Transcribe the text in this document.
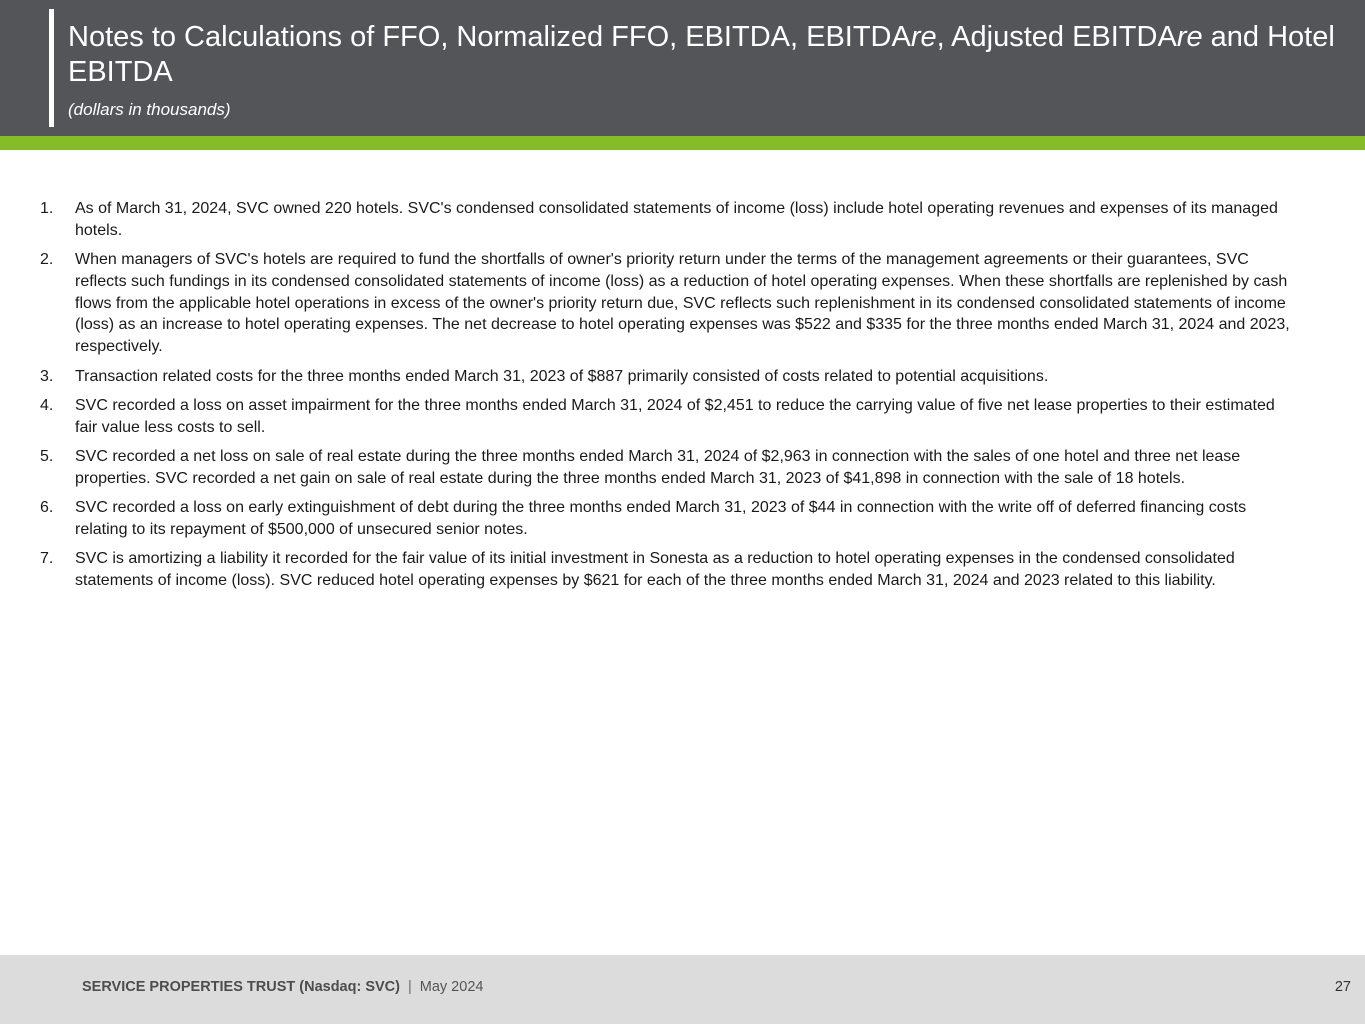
Notes to Calculations of FFO, Normalized FFO, EBITDA, EBITDAre, Adjusted EBITDAre and Hotel EBITDA
(dollars in thousands)
1. As of March 31, 2024, SVC owned 220 hotels. SVC's condensed consolidated statements of income (loss) include hotel operating revenues and expenses of its managed hotels.
2. When managers of SVC's hotels are required to fund the shortfalls of owner's priority return under the terms of the management agreements or their guarantees, SVC reflects such fundings in its condensed consolidated statements of income (loss) as a reduction of hotel operating expenses. When these shortfalls are replenished by cash flows from the applicable hotel operations in excess of the owner's priority return due, SVC reflects such replenishment in its condensed consolidated statements of income (loss) as an increase to hotel operating expenses. The net decrease to hotel operating expenses was $522 and $335 for the three months ended March 31, 2024 and 2023, respectively.
3. Transaction related costs for the three months ended March 31, 2023 of $887 primarily consisted of costs related to potential acquisitions.
4. SVC recorded a loss on asset impairment for the three months ended March 31, 2024 of $2,451 to reduce the carrying value of five net lease properties to their estimated fair value less costs to sell.
5. SVC recorded a net loss on sale of real estate during the three months ended March 31, 2024 of $2,963 in connection with the sales of one hotel and three net lease properties. SVC recorded a net gain on sale of real estate during the three months ended March 31, 2023 of $41,898 in connection with the sale of 18 hotels.
6. SVC recorded a loss on early extinguishment of debt during the three months ended March 31, 2023 of $44 in connection with the write off of deferred financing costs relating to its repayment of $500,000 of unsecured senior notes.
7. SVC is amortizing a liability it recorded for the fair value of its initial investment in Sonesta as a reduction to hotel operating expenses in the condensed consolidated statements of income (loss). SVC reduced hotel operating expenses by $621 for each of the three months ended March 31, 2024 and 2023 related to this liability.
SERVICE PROPERTIES TRUST (Nasdaq: SVC) | May 2024	27
